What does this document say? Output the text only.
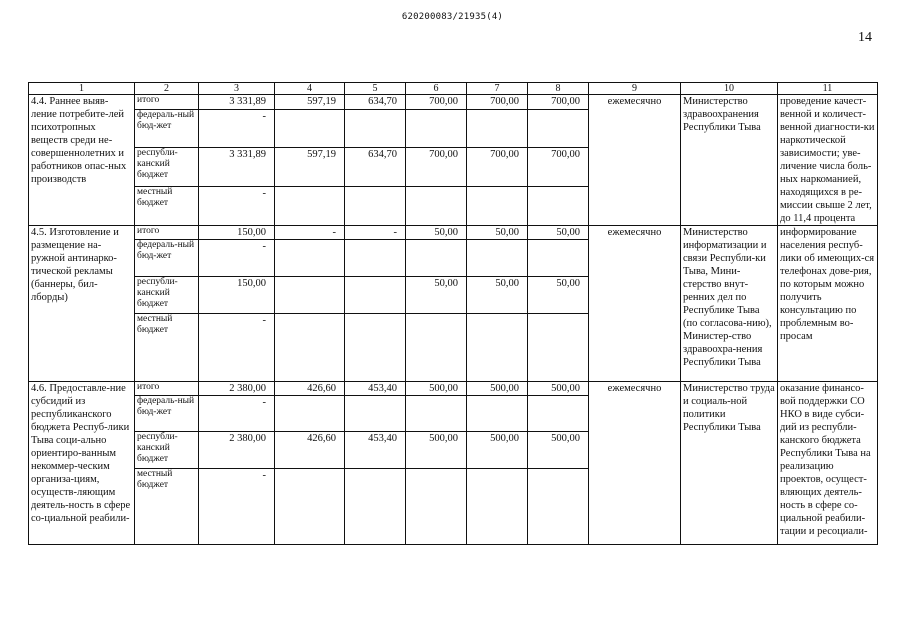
620200083/21935(4)
14
1	2	3	4	5	6	7	8	9	10	11
4.4. Раннее выяв-ление потребите-лей психотропных веществ среди не-совершеннолетних и работников опас-ных производств	итого	3 331,89	597,19	634,70	700,00	700,00	700,00	ежемесячно	Министерство здравоохранения Республики Тыва	проведение качест-венной и количест-венной диагности-ки наркотической зависимости; уве-личение числа боль-ных наркоманией, находящихся в ре-миссии свыше 2 лет, до 11,4 процента
	федераль-ный бюд-жет	-								
	республи-канский бюджет	3 331,89	597,19	634,70	700,00	700,00	700,00			
	местный бюджет	-								
4.5. Изготовление и размещение на-ружной антинарко-тической рекламы (баннеры, бил-лборды)	итого	150,00	-	-	50,00	50,00	50,00	ежемесячно	Министерство информатизации и связи Республи-ки Тыва, Мини-стерство внут-ренних дел по Республике Тыва (по согласова-нию), Министер-ство здравоохра-нения Республики Тыва	информирование населения респуб-лики об имеющих-ся телефонах дове-рия, по которым можно получить консультацию по проблемным во-просам
	федераль-ный бюд-жет	-								
	республи-канский бюджет	150,00			50,00	50,00	50,00			
	местный бюджет	-								
4.6. Предоставле-ние субсидий из республиканского бюджета Респуб-лики Тыва соци-ально ориентиро-ванным некоммер-ческим организа-циям, осуществ-ляющим деятель-ность в сфере со-циальной реабили-	итого	2 380,00	426,60	453,40	500,00	500,00	500,00	ежемесячно	Министерство труда и социаль-ной политики Республики Тыва	оказание финансо-вой поддержки СО НКО в виде субси-дий из республи-канского бюджета Республики Тыва на реализацию проектов, осущест-вляющих деятель-ность в сфере со-циальной реабили-тации и ресоциали-
	федераль-ный бюд-жет	-								
	республи-канский бюджет	2 380,00	426,60	453,40	500,00	500,00	500,00			
	местный бюджет	-								
